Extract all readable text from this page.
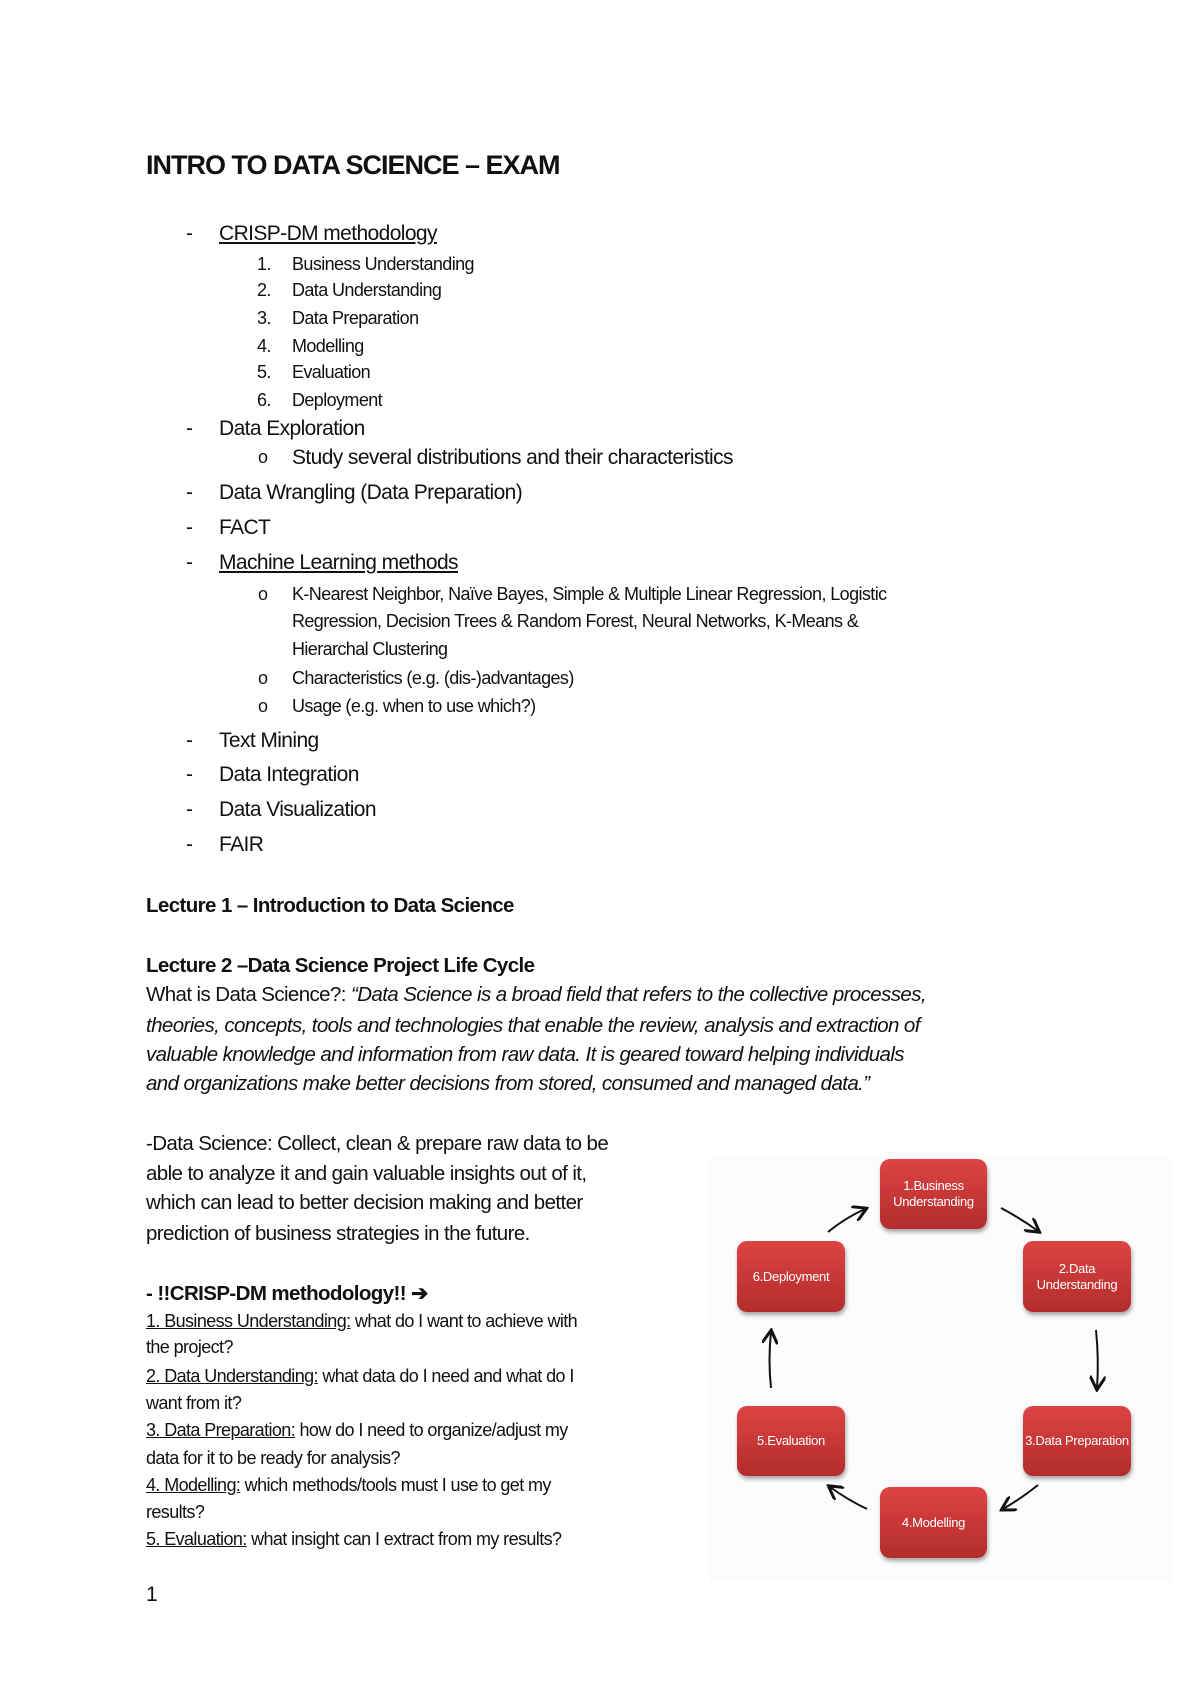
INTRO TO DATA SCIENCE – EXAM
- CRISP-DM methodology
1. Business Understanding
2. Data Understanding
3. Data Preparation
4. Modelling
5. Evaluation
6. Deployment
- Data Exploration
o Study several distributions and their characteristics
- Data Wrangling (Data Preparation)
- FACT
- Machine Learning methods
o K-Nearest Neighbor, Naïve Bayes, Simple & Multiple Linear Regression, Logistic
Regression, Decision Trees & Random Forest, Neural Networks, K-Means &
Hierarchal Clustering
o Characteristics (e.g. (dis-)advantages)
o Usage (e.g. when to use which?)
- Text Mining
- Data Integration
- Data Visualization
- FAIR
Lecture 1 – Introduction to Data Science
Lecture 2 –Data Science Project Life Cycle
What is Data Science?: “Data Science is a broad field that refers to the collective processes,
theories, concepts, tools and technologies that enable the review, analysis and extraction of
valuable knowledge and information from raw data. It is geared toward helping individuals
and organizations make better decisions from stored, consumed and managed data.”
-Data Science: Collect, clean & prepare raw data to be
able to analyze it and gain valuable insights out of it,
which can lead to better decision making and better
prediction of business strategies in the future.
- !!CRISP-DM methodology!! ➔
1. Business Understanding: what do I want to achieve with
the project?
2. Data Understanding: what data do I need and what do I
want from it?
3. Data Preparation: how do I need to organize/adjust my
data for it to be ready for analysis?
4. Modelling: which methods/tools must I use to get my
results?
5. Evaluation: what insight can I extract from my results?
1
1.Business Understanding
2.Data Understanding
3.Data Preparation
4.Modelling
5.Evaluation
6.Deployment
